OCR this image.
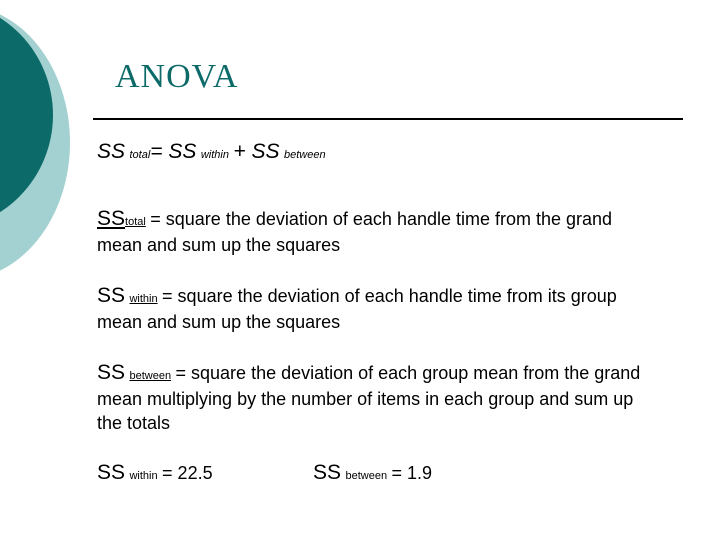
ANOVA
SS total= SS within + SS between
SStotal = square the deviation of each handle time from the grand
mean and sum up the squares
SS within = square the deviation of each handle time from its group
mean and sum up the squares
SS between = square the deviation of each group mean from the grand
mean multiplying by the number of items in each group and sum up
the totals
SS within = 22.5	SS between = 1.9
